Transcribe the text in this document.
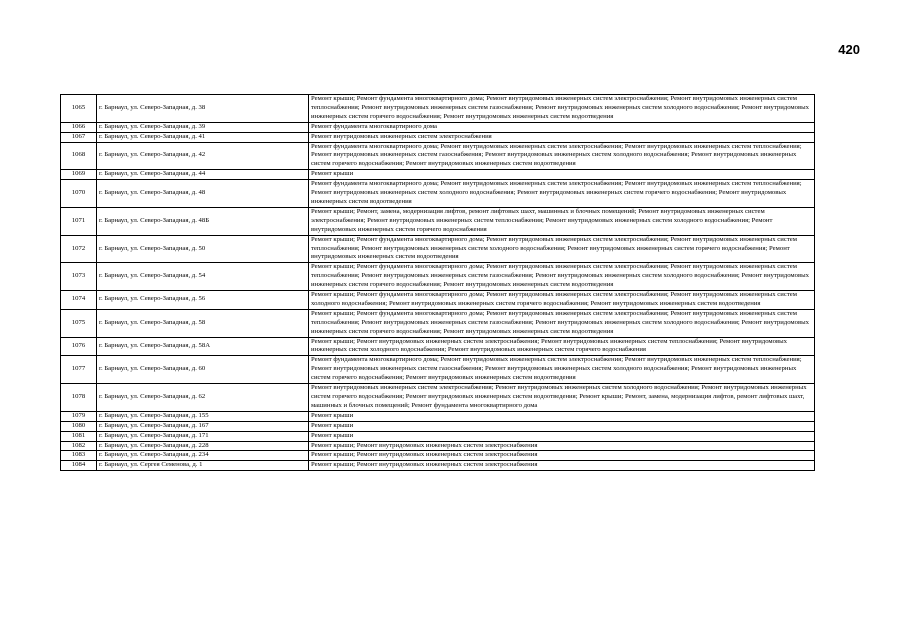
420
1065	г. Барнаул, ул. Северо-Западная, д. 38	Ремонт крыши; Ремонт фундамента многоквартирного дома; Ремонт внутридомовых инженерных систем электроснабжения; Ремонт внутридомовых инженерных систем теплоснабжения; Ремонт внутридомовых инженерных систем газоснабжения; Ремонт внутридомовых инженерных систем холодного водоснабжения; Ремонт внутридомовых инженерных систем горячего водоснабжения; Ремонт внутридомовых инженерных систем водоотведения
1066	г. Барнаул, ул. Северо-Западная, д. 39	Ремонт фундамента многоквартирного дома
1067	г. Барнаул, ул. Северо-Западная, д. 41	Ремонт внутридомовых инженерных систем электроснабжения
1068	г. Барнаул, ул. Северо-Западная, д. 42	Ремонт фундамента многоквартирного дома; Ремонт внутридомовых инженерных систем электроснабжения; Ремонт внутридомовых инженерных систем теплоснабжения; Ремонт внутридомовых инженерных систем газоснабжения; Ремонт внутридомовых инженерных систем холодного водоснабжения; Ремонт внутридомовых инженерных систем горячего водоснабжения; Ремонт внутридомовых инженерных систем водоотведения
1069	г. Барнаул, ул. Северо-Западная, д. 44	Ремонт крыши
1070	г. Барнаул, ул. Северо-Западная, д. 48	Ремонт фундамента многоквартирного дома; Ремонт внутридомовых инженерных систем электроснабжения; Ремонт внутридомовых инженерных систем теплоснабжения; Ремонт внутридомовых инженерных систем холодного водоснабжения; Ремонт внутридомовых инженерных систем горячего водоснабжения; Ремонт внутридомовых инженерных систем водоотведения
1071	г. Барнаул, ул. Северо-Западная, д. 48Б	Ремонт крыши; Ремонт, замена, модернизация лифтов, ремонт лифтовых шахт, машинных и блочных помещений; Ремонт внутридомовых инженерных систем электроснабжения; Ремонт внутридомовых инженерных систем теплоснабжения; Ремонт внутридомовых инженерных систем холодного водоснабжения; Ремонт внутридомовых инженерных систем горячего водоснабжения
1072	г. Барнаул, ул. Северо-Западная, д. 50	Ремонт крыши; Ремонт фундамента многоквартирного дома; Ремонт внутридомовых инженерных систем электроснабжения; Ремонт внутридомовых инженерных систем теплоснабжения; Ремонт внутридомовых инженерных систем холодного водоснабжения; Ремонт внутридомовых инженерных систем горячего водоснабжения; Ремонт внутридомовых инженерных систем водоотведения
1073	г. Барнаул, ул. Северо-Западная, д. 54	Ремонт крыши; Ремонт фундамента многоквартирного дома; Ремонт внутридомовых инженерных систем электроснабжения; Ремонт внутридомовых инженерных систем теплоснабжения; Ремонт внутридомовых инженерных систем газоснабжения; Ремонт внутридомовых инженерных систем холодного водоснабжения; Ремонт внутридомовых инженерных систем горячего водоснабжения; Ремонт внутридомовых инженерных систем водоотведения
1074	г. Барнаул, ул. Северо-Западная, д. 56	Ремонт крыши; Ремонт фундамента многоквартирного дома; Ремонт внутридомовых инженерных систем электроснабжения; Ремонт внутридомовых инженерных систем холодного водоснабжения; Ремонт внутридомовых инженерных систем горячего водоснабжения; Ремонт внутридомовых инженерных систем водоотведения
1075	г. Барнаул, ул. Северо-Западная, д. 58	Ремонт крыши; Ремонт фундамента многоквартирного дома; Ремонт внутридомовых инженерных систем электроснабжения; Ремонт внутридомовых инженерных систем теплоснабжения; Ремонт внутридомовых инженерных систем газоснабжения; Ремонт внутридомовых инженерных систем холодного водоснабжения; Ремонт внутридомовых инженерных систем горячего водоснабжения; Ремонт внутридомовых инженерных систем водоотведения
1076	г. Барнаул, ул. Северо-Западная, д. 58А	Ремонт крыши; Ремонт внутридомовых инженерных систем электроснабжения; Ремонт внутридомовых инженерных систем теплоснабжения; Ремонт внутридомовых инженерных систем холодного водоснабжения; Ремонт внутридомовых инженерных систем горячего водоснабжения
1077	г. Барнаул, ул. Северо-Западная, д. 60	Ремонт фундамента многоквартирного дома; Ремонт внутридомовых инженерных систем электроснабжения; Ремонт внутридомовых инженерных систем теплоснабжения; Ремонт внутридомовых инженерных систем газоснабжения; Ремонт внутридомовых инженерных систем холодного водоснабжения; Ремонт внутридомовых инженерных систем горячего водоснабжения; Ремонт внутридомовых инженерных систем водоотведения
1078	г. Барнаул, ул. Северо-Западная, д. 62	Ремонт внутридомовых инженерных систем электроснабжения; Ремонт внутридомовых инженерных систем холодного водоснабжения; Ремонт внутридомовых инженерных систем горячего водоснабжения; Ремонт внутридомовых инженерных систем водоотведения; Ремонт крыши; Ремонт, замена, модернизация лифтов, ремонт лифтовых шахт, машинных и блочных помещений; Ремонт фундамента многоквартирного дома
1079	г. Барнаул, ул. Северо-Западная, д. 155	Ремонт крыши
1080	г. Барнаул, ул. Северо-Западная, д. 167	Ремонт крыши
1081	г. Барнаул, ул. Северо-Западная, д. 171	Ремонт крыши
1082	г. Барнаул, ул. Северо-Западная, д. 228	Ремонт крыши; Ремонт внутридомовых инженерных систем электроснабжения
1083	г. Барнаул, ул. Северо-Западная, д. 234	Ремонт крыши; Ремонт внутридомовых инженерных систем электроснабжения
1084	г. Барнаул, ул. Сергея Семенова, д. 1	Ремонт крыши; Ремонт внутридомовых инженерных систем электроснабжения
